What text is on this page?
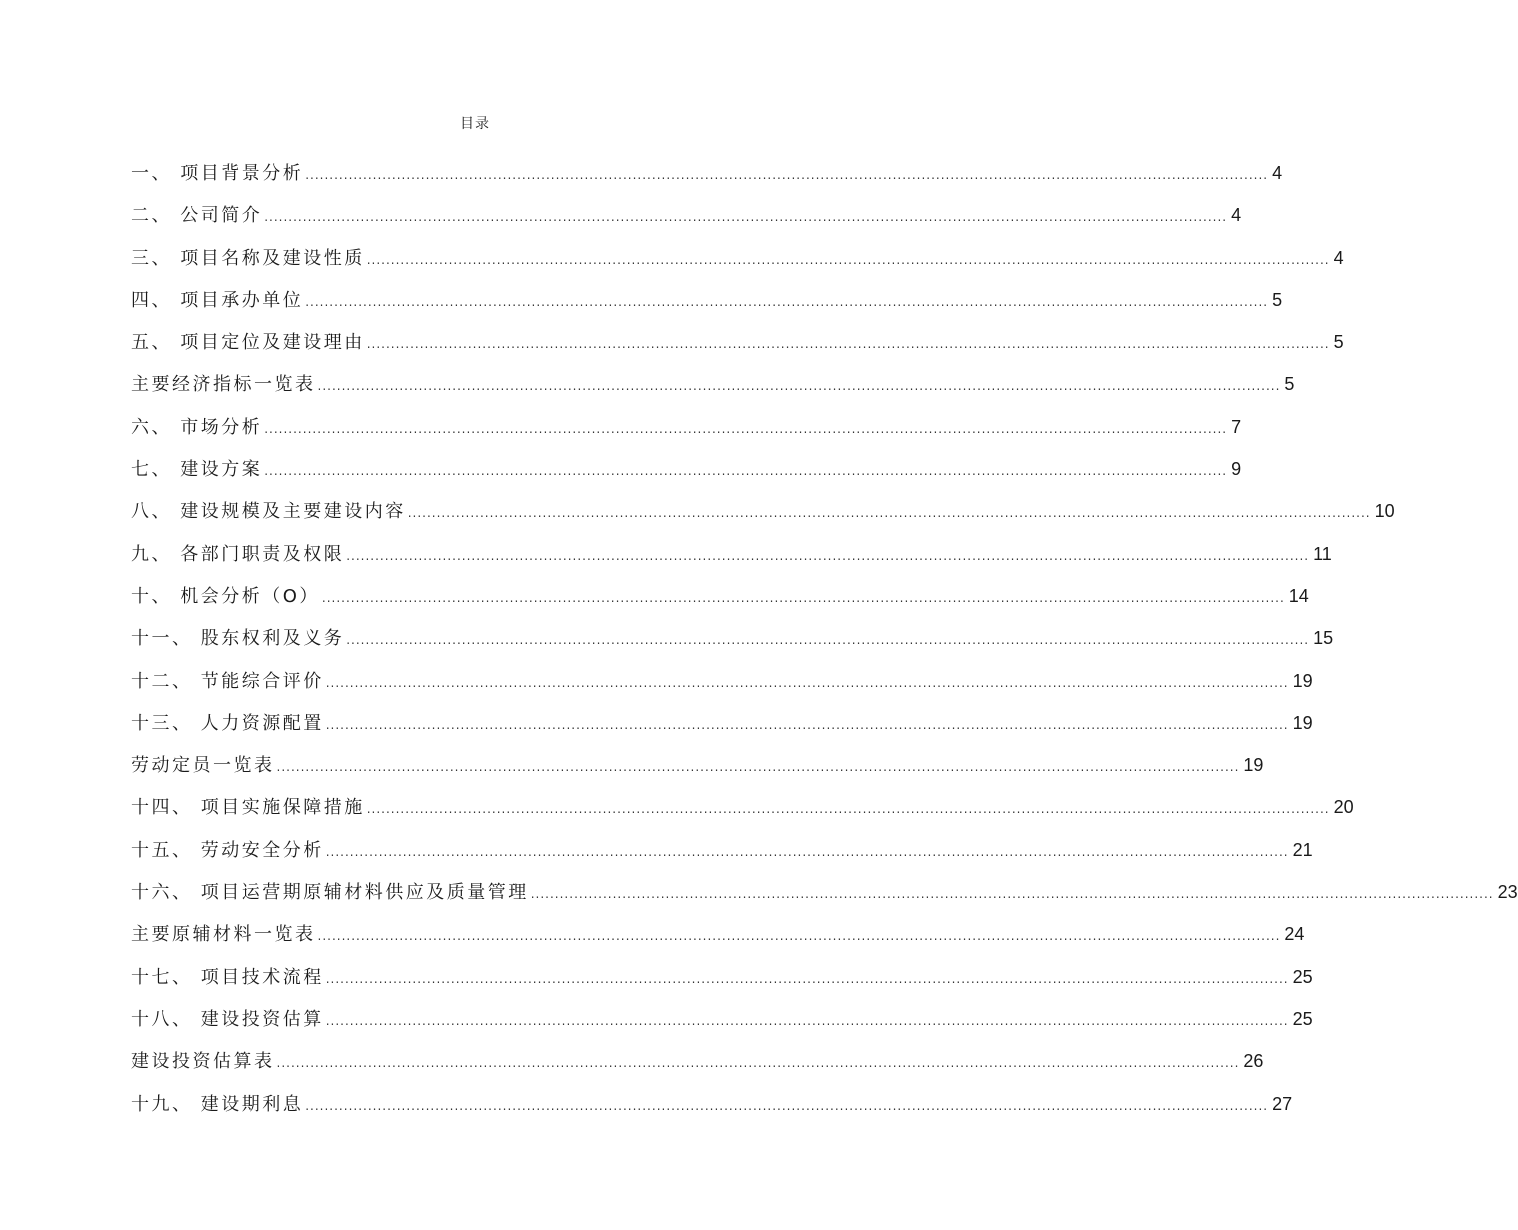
目录
一、 项目背景分析 ........................................................................................................................................................................................................ 4
二、 公司简介 ........................................................................................................................................................................................................ 4
三、 项目名称及建设性质 ........................................................................................................................................................................................................ 4
四、 项目承办单位 ........................................................................................................................................................................................................ 5
五、 项目定位及建设理由 ........................................................................................................................................................................................................ 5
主要经济指标一览表 ........................................................................................................................................................................................................ 5
六、 市场分析 ........................................................................................................................................................................................................ 7
七、 建设方案 ........................................................................................................................................................................................................ 9
八、 建设规模及主要建设内容 ........................................................................................................................................................................................................ 10
九、 各部门职责及权限 ........................................................................................................................................................................................................ 11
十、 机会分析（O） ........................................................................................................................................................................................................ 14
十一、 股东权利及义务 ........................................................................................................................................................................................................ 15
十二、 节能综合评价 ........................................................................................................................................................................................................ 19
十三、 人力资源配置 ........................................................................................................................................................................................................ 19
劳动定员一览表 ........................................................................................................................................................................................................ 19
十四、 项目实施保障措施 ........................................................................................................................................................................................................ 20
十五、 劳动安全分析 ........................................................................................................................................................................................................ 21
十六、 项目运营期原辅材料供应及质量管理 ........................................................................................................................................................................................................ 23
主要原辅材料一览表 ........................................................................................................................................................................................................ 24
十七、 项目技术流程 ........................................................................................................................................................................................................ 25
十八、 建设投资估算 ........................................................................................................................................................................................................ 25
建设投资估算表 ........................................................................................................................................................................................................ 26
十九、 建设期利息 ........................................................................................................................................................................................................ 27
